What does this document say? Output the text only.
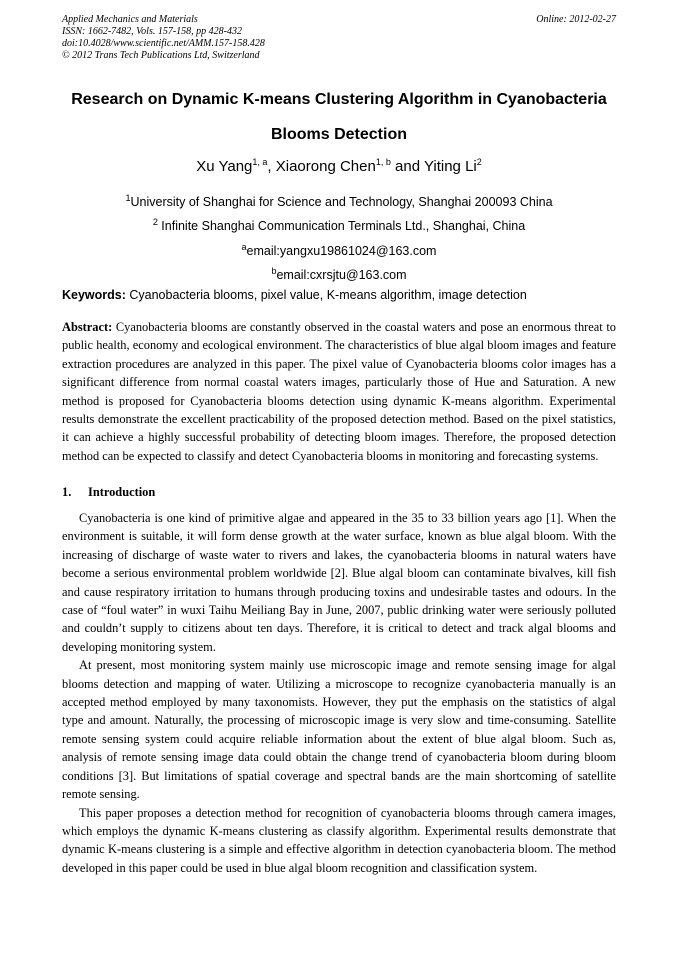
Applied Mechanics and Materials
ISSN: 1662-7482, Vols. 157-158, pp 428-432
doi:10.4028/www.scientific.net/AMM.157-158.428
© 2012 Trans Tech Publications Ltd, Switzerland
Online: 2012-02-27
Research on Dynamic K-means Clustering Algorithm in Cyanobacteria
Blooms Detection
Xu Yang$^{1, a}$, Xiaorong Chen$^{1, b}$ and Yiting Li$^2$
$^1$University of Shanghai for Science and Technology, Shanghai 200093 China
$^2$ Infinite Shanghai Communication Terminals Ltd., Shanghai, China
$^a$email:yangxu19861024@163.com
$^b$email:cxrsjtu@163.com
Keywords: Cyanobacteria blooms, pixel value, K-means algorithm, image detection
Abstract: Cyanobacteria blooms are constantly observed in the coastal waters and pose an enormous threat to public health, economy and ecological environment. The characteristics of blue algal bloom images and feature extraction procedures are analyzed in this paper. The pixel value of Cyanobacteria blooms color images has a significant difference from normal coastal waters images, particularly those of Hue and Saturation. A new method is proposed for Cyanobacteria blooms detection using dynamic K-means algorithm. Experimental results demonstrate the excellent practicability of the proposed detection method. Based on the pixel statistics, it can achieve a highly successful probability of detecting bloom images. Therefore, the proposed detection method can be expected to classify and detect Cyanobacteria blooms in monitoring and forecasting systems.
1. Introduction

Cyanobacteria is one kind of primitive algae and appeared in the 35 to 33 billion years ago [1]. When the environment is suitable, it will form dense growth at the water surface, known as blue algal bloom. With the increasing of discharge of waste water to rivers and lakes, the cyanobacteria blooms in natural waters have become a serious environmental problem worldwide [2]. Blue algal bloom can contaminate bivalves, kill fish and cause respiratory irritation to humans through producing toxins and undesirable tastes and odours. In the case of “foul water” in wuxi Taihu Meiliang Bay in June, 2007, public drinking water were seriously polluted and couldn’t supply to citizens about ten days. Therefore, it is critical to detect and track algal blooms and developing monitoring system.

At present, most monitoring system mainly use microscopic image and remote sensing image for algal blooms detection and mapping of water. Utilizing a microscope to recognize cyanobacteria manually is an accepted method employed by many taxonomists. However, they put the emphasis on the statistics of algal type and amount. Naturally, the processing of microscopic image is very slow and time-consuming. Satellite remote sensing system could acquire reliable information about the extent of blue algal bloom. Such as, analysis of remote sensing image data could obtain the change trend of cyanobacteria bloom during bloom conditions [3]. But limitations of spatial coverage and spectral bands are the main shortcoming of satellite remote sensing.

This paper proposes a detection method for recognition of cyanobacteria blooms through camera images, which employs the dynamic K-means clustering as classify algorithm. Experimental results demonstrate that dynamic K-means clustering is a simple and effective algorithm in detection cyanobacteria bloom. The method developed in this paper could be used in blue algal bloom recognition and classification system.
